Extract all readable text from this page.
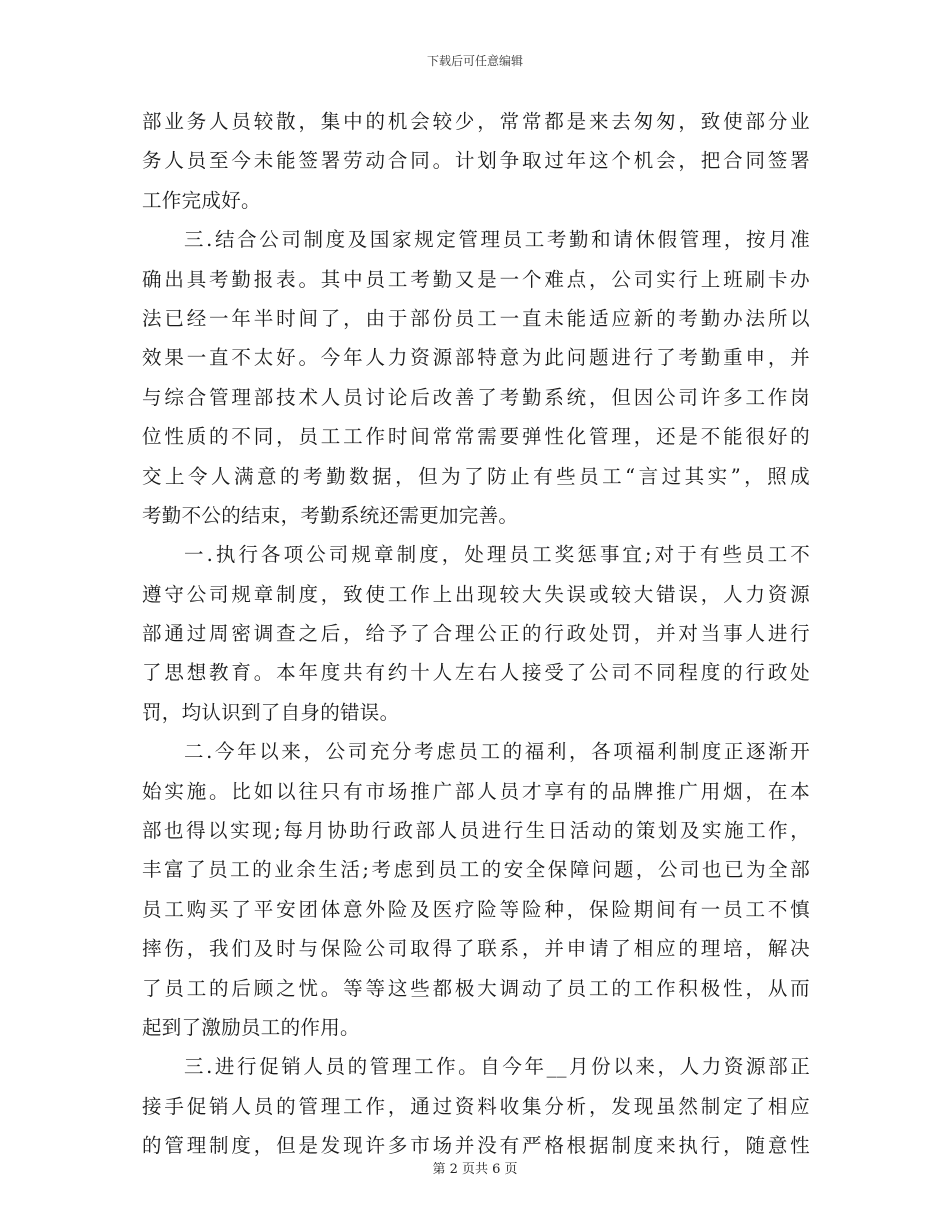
下载后可任意编辑
部业务人员较散，集中的机会较少，常常都是来去匆匆，致使部分业
务人员至今未能签署劳动合同。计划争取过年这个机会，把合同签署
工作完成好。
三.结合公司制度及国家规定管理员工考勤和请休假管理，按月准
确出具考勤报表。其中员工考勤又是一个难点，公司实行上班刷卡办
法已经一年半时间了，由于部份员工一直未能适应新的考勤办法所以
效果一直不太好。今年人力资源部特意为此问题进行了考勤重申，并
与综合管理部技术人员讨论后改善了考勤系统，但因公司许多工作岗
位性质的不同，员工工作时间常常需要弹性化管理，还是不能很好的
交上令人满意的考勤数据，但为了防止有些员工“言过其实”，照成
考勤不公的结束，考勤系统还需更加完善。
一.执行各项公司规章制度，处理员工奖惩事宜;对于有些员工不
遵守公司规章制度，致使工作上出现较大失误或较大错误，人力资源
部通过周密调查之后，给予了合理公正的行政处罚，并对当事人进行
了思想教育。本年度共有约十人左右人接受了公司不同程度的行政处
罚，均认识到了自身的错误。
二.今年以来，公司充分考虑员工的福利，各项福利制度正逐渐开
始实施。比如以往只有市场推广部人员才享有的品牌推广用烟，在本
部也得以实现;每月协助行政部人员进行生日活动的策划及实施工作，
丰富了员工的业余生活;考虑到员工的安全保障问题，公司也已为全部
员工购买了平安团体意外险及医疗险等险种，保险期间有一员工不慎
摔伤，我们及时与保险公司取得了联系，并申请了相应的理培，解决
了员工的后顾之忧。等等这些都极大调动了员工的工作积极性，从而
起到了激励员工的作用。
三.进行促销人员的管理工作。自今年__月份以来，人力资源部正
接手促销人员的管理工作，通过资料收集分析，发现虽然制定了相应
的管理制度，但是发现许多市场并没有严格根据制度来执行，随意性
第 2 页共 6 页
